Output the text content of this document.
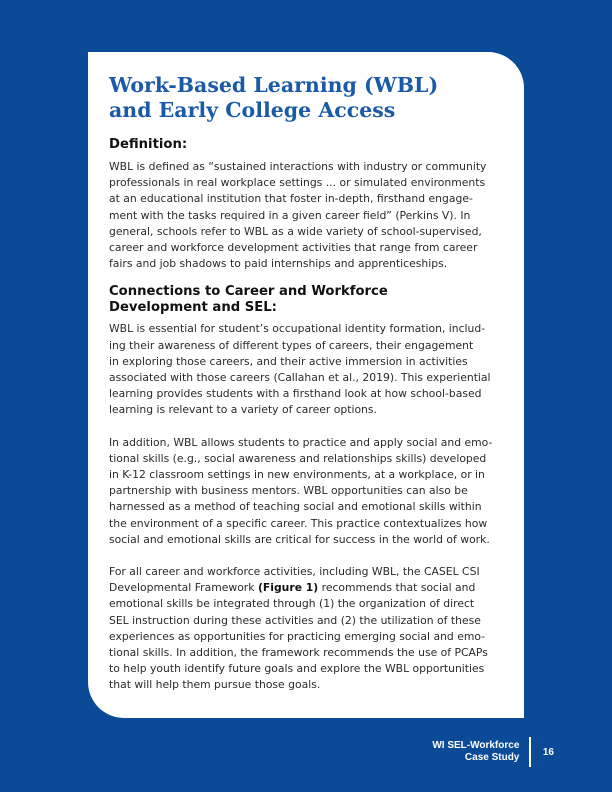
Work-Based Learning (WBL)
and Early College Access
Definition:

WBL is defined as “sustained interactions with industry or community
professionals in real workplace settings ... or simulated environments
at an educational institution that foster in-depth, firsthand engage-
ment with the tasks required in a given career field” (Perkins V). In
general, schools refer to WBL as a wide variety of school-supervised,
career and workforce development activities that range from career
fairs and job shadows to paid internships and apprenticeships.

Connections to Career and Workforce
Development and SEL:

WBL is essential for student’s occupational identity formation, includ-
ing their awareness of different types of careers, their engagement
in exploring those careers, and their active immersion in activities
associated with those careers (Callahan et al., 2019). This experiential
learning provides students with a firsthand look at how school-based
learning is relevant to a variety of career options.

In addition, WBL allows students to practice and apply social and emo-
tional skills (e.g., social awareness and relationships skills) developed
in K-12 classroom settings in new environments, at a workplace, or in
partnership with business mentors. WBL opportunities can also be
harnessed as a method of teaching social and emotional skills within
the environment of a specific career. This practice contextualizes how
social and emotional skills are critical for success in the world of work.

For all career and workforce activities, including WBL, the CASEL CSI
Developmental Framework (Figure 1) recommends that social and
emotional skills be integrated through (1) the organization of direct
SEL instruction during these activities and (2) the utilization of these
experiences as opportunities for practicing emerging social and emo-
tional skills. In addition, the framework recommends the use of PCAPs
to help youth identify future goals and explore the WBL opportunities
that will help them pursue those goals.

WI SEL-Workforce
Case Study 16
